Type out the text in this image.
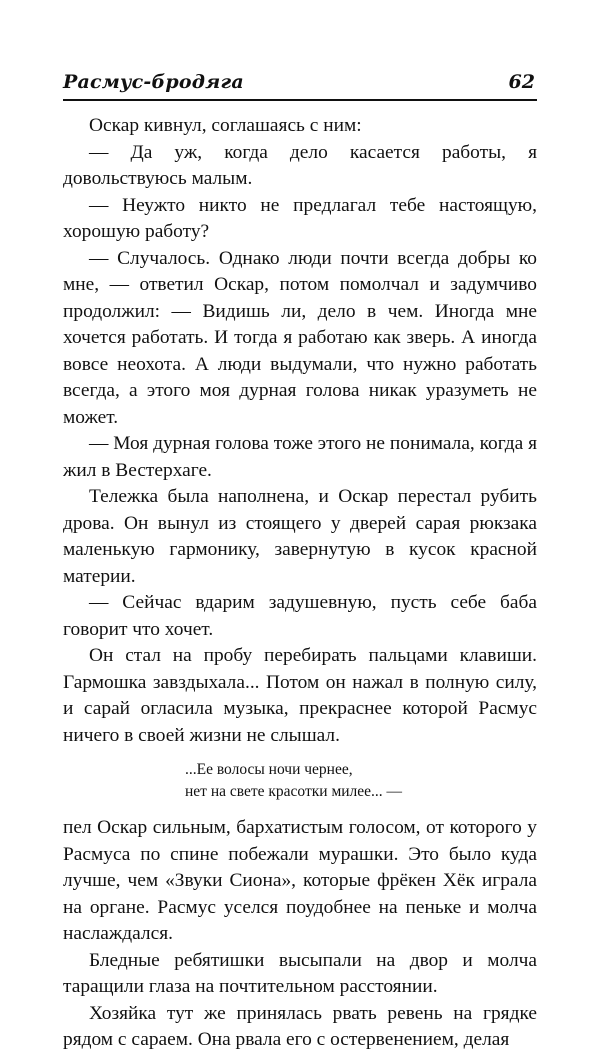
Расмус-бродяга	62

Оскар кивнул, соглашаясь с ним:

— Да уж, когда дело касается работы, я довольствуюсь малым.

— Неужто никто не предлагал тебе настоящую, хорошую работу?

— Случалось. Однако люди почти всегда добры ко мне, — ответил Оскар, потом помолчал и задумчиво продолжил: — Видишь ли, дело в чем. Иногда мне хочется работать. И тогда я работаю как зверь. А иногда вовсе неохота. А люди выдумали, что нужно работать всегда, а этого моя дурная голова никак уразуметь не может.

— Моя дурная голова тоже этого не понимала, когда я жил в Вестерхаге.

Тележка была наполнена, и Оскар перестал рубить дрова. Он вынул из стоящего у дверей сарая рюкзака маленькую гармонику, завернутую в кусок красной материи.

— Сейчас вдарим задушевную, пусть себе баба говорит что хочет.

Он стал на пробу перебирать пальцами клавиши. Гармошка завздыхала... Потом он нажал в полную силу, и сарай огласила музыка, прекраснее которой Расмус ничего в своей жизни не слышал.

...Ее волосы ночи чернее,
нет на свете красотки милее... —

пел Оскар сильным, бархатистым голосом, от которого у Расмуса по спине побежали мурашки. Это было куда лучше, чем «Звуки Сиона», которые фрёкен Хёк играла на органе. Расмус уселся поудобнее на пеньке и молча наслаждался.

Бледные ребятишки высыпали на двор и молча таращили глаза на почтительном расстоянии.

Хозяйка тут же принялась рвать ревень на грядке рядом с сараем. Она рвала его с остервенением, делая
